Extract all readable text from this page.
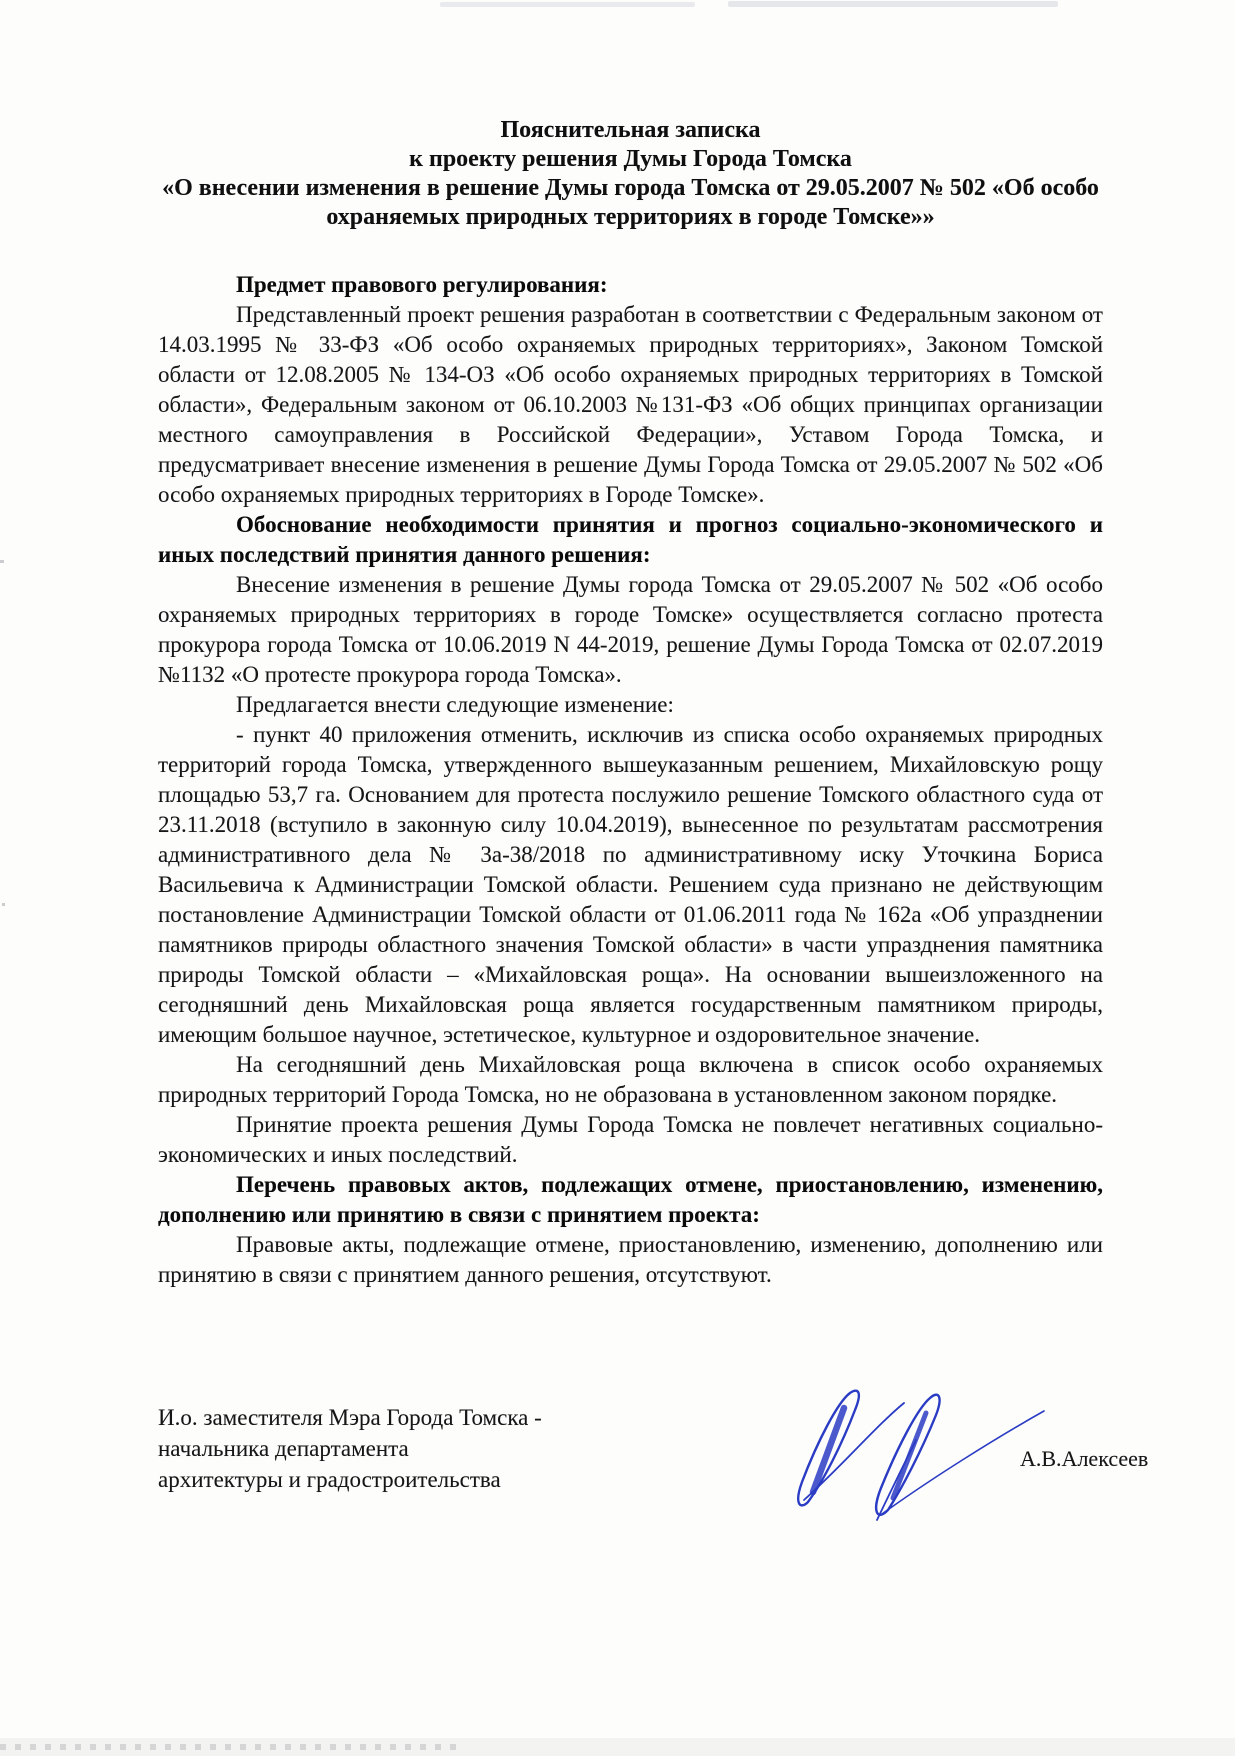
Пояснительная записка
к проекту решения Думы Города Томска
«О внесении изменения в решение Думы города Томска от 29.05.2007 № 502 «Об особо охраняемых природных территориях в городе Томске»»

Предмет правового регулирования:

Представленный проект решения разработан в соответствии с Федеральным законом от 14.03.1995 № 33-ФЗ «Об особо охраняемых природных территориях», Законом Томской области от 12.08.2005 № 134-ОЗ «Об особо охраняемых природных территориях в Томской области», Федеральным законом от 06.10.2003 №131-ФЗ «Об общих принципах организации местного самоуправления в Российской Федерации», Уставом Города Томска, и предусматривает внесение изменения в решение Думы Города Томска от 29.05.2007 № 502 «Об особо охраняемых природных территориях в Городе Томске».

Обоснование необходимости принятия и прогноз социально-экономического и иных последствий принятия данного решения:

Внесение изменения в решение Думы города Томска от 29.05.2007 № 502 «Об особо охраняемых природных территориях в городе Томске» осуществляется согласно протеста прокурора города Томска от 10.06.2019 N 44-2019, решение Думы Города Томска от 02.07.2019 №1132 «О протесте прокурора города Томска».

Предлагается внести следующие изменение:

- пункт 40 приложения отменить, исключив из списка особо охраняемых природных территорий города Томска, утвержденного вышеуказанным решением, Михайловскую рощу площадью 53,7 га. Основанием для протеста послужило решение Томского областного суда от 23.11.2018 (вступило в законную силу 10.04.2019), вынесенное по результатам рассмотрения административного дела № 3а-38/2018 по административному иску Уточкина Бориса Васильевича к Администрации Томской области. Решением суда признано не действующим постановление Администрации Томской области от 01.06.2011 года № 162а «Об упразднении памятников природы областного значения Томской области» в части упразднения памятника природы Томской области – «Михайловская роща». На основании вышеизложенного на сегодняшний день Михайловская роща является государственным памятником природы, имеющим большое научное, эстетическое, культурное и оздоровительное значение.

На сегодняшний день Михайловская роща включена в список особо охраняемых природных территорий Города Томска, но не образована в установленном законом порядке.

Принятие проекта решения Думы Города Томска не повлечет негативных социально-экономических и иных последствий.

Перечень правовых актов, подлежащих отмене, приостановлению, изменению, дополнению или принятию в связи с принятием проекта:

Правовые акты, подлежащие отмене, приостановлению, изменению, дополнению или принятию в связи с принятием данного решения, отсутствуют.

И.о. заместителя Мэра Города Томска -
начальника департамента
архитектуры и градостроительства
А.В.Алексеев
